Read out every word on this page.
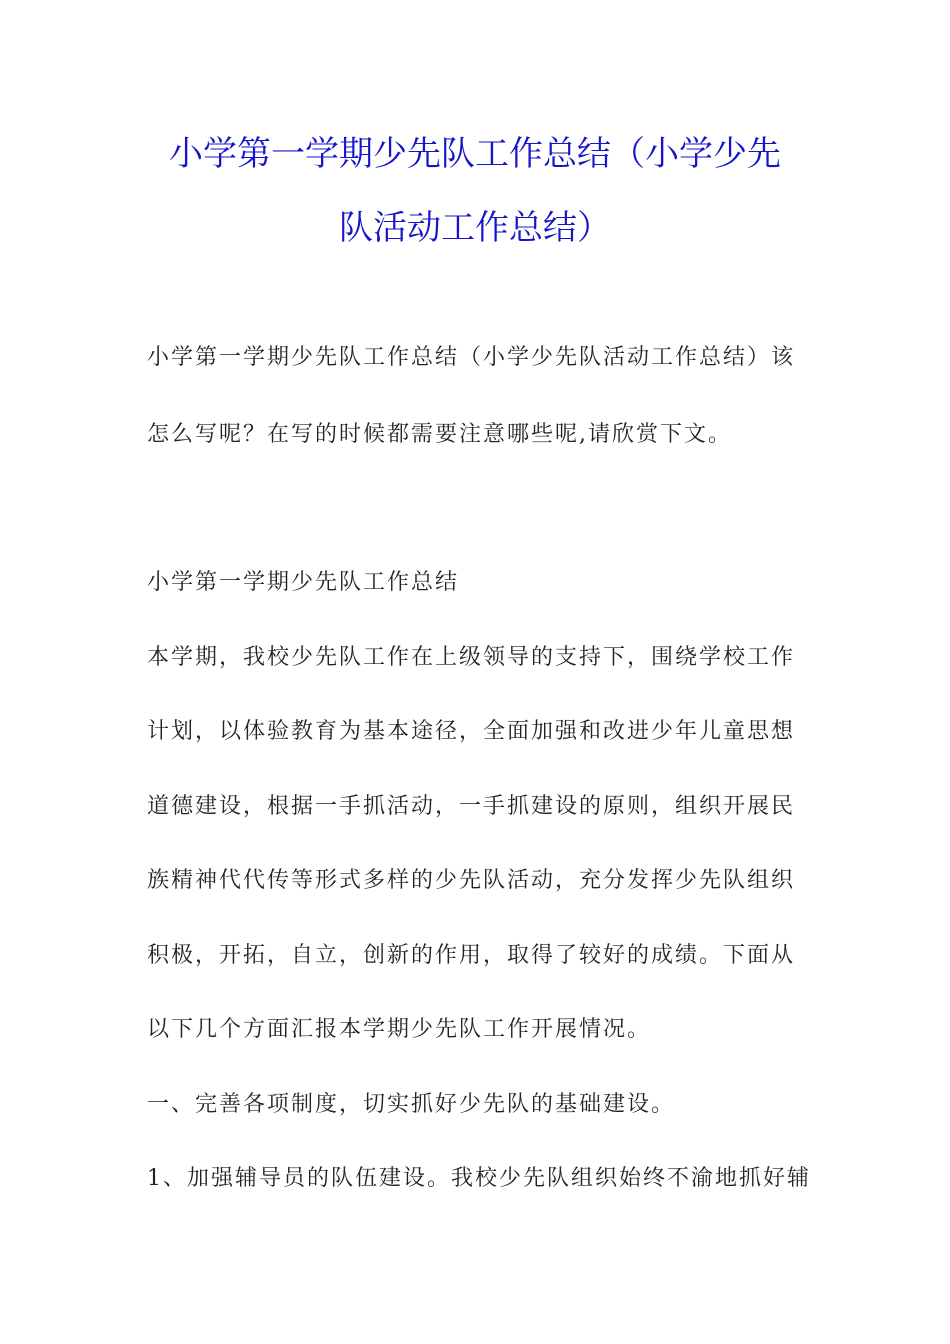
小学第一学期少先队工作总结（小学少先
队活动工作总结）
小学第一学期少先队工作总结（小学少先队活动工作总结）该
怎么写呢？在写的时候都需要注意哪些呢,请欣赏下文。
小学第一学期少先队工作总结
本学期，我校少先队工作在上级领导的支持下，围绕学校工作
计划，以体验教育为基本途径，全面加强和改进少年儿童思想
道德建设，根据一手抓活动，一手抓建设的原则，组织开展民
族精神代代传等形式多样的少先队活动，充分发挥少先队组织
积极，开拓，自立，创新的作用，取得了较好的成绩。下面从
以下几个方面汇报本学期少先队工作开展情况。
一、完善各项制度，切实抓好少先队的基础建设。
1、加强辅导员的队伍建设。我校少先队组织始终不渝地抓好辅
